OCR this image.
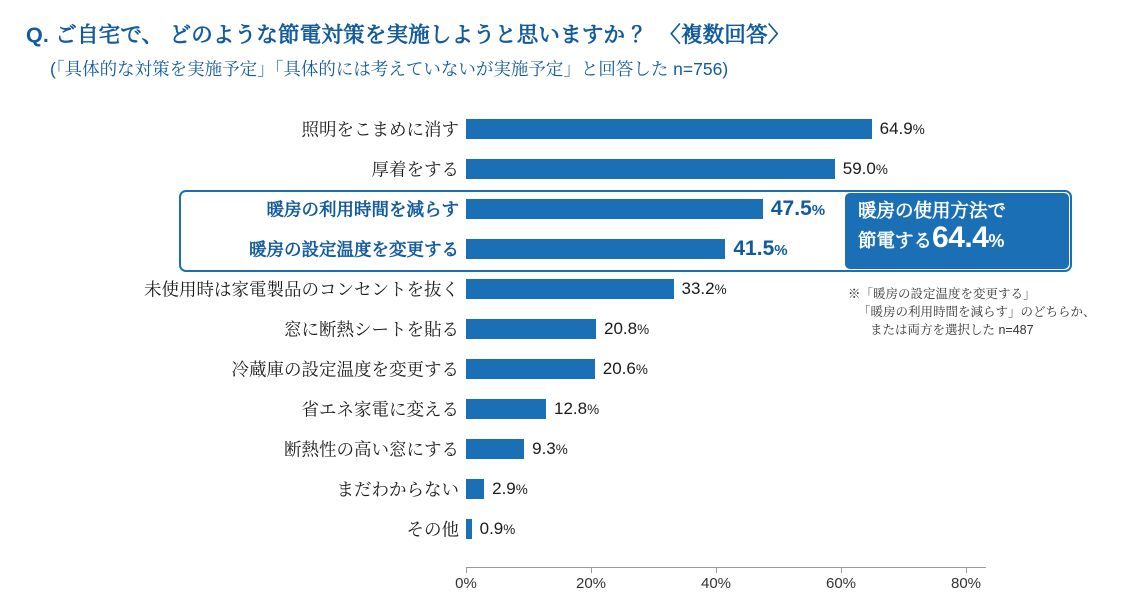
Q. ご自宅で、 どのような節電対策を実施しようと思いますか ？ 〈複数回答〉
(「具体的な対策を実施予定」「具体的には考えていないが実施予定」と回答した n=756)
照明をこまめに消す	64.9%
厚着をする	59.0%
暖房の利用時間を減らす	47.5%
暖房の設定温度を変更する	41.5%
未使用時は家電製品のコンセントを抜く	33.2%
窓に断熱シートを貼る	20.8%
冷蔵庫の設定温度を変更する	20.6%
省エネ家電に変える	12.8%
断熱性の高い窓にする	9.3%
まだわからない 2.9%
その他 0.9%
暖房の使用方法で
節電する64.4%
※「暖房の設定温度を変更する」
「暖房の利用時間を減らす」のどちらか、
または両方を選択した n=487
0%	20%	40%	60%	80%
